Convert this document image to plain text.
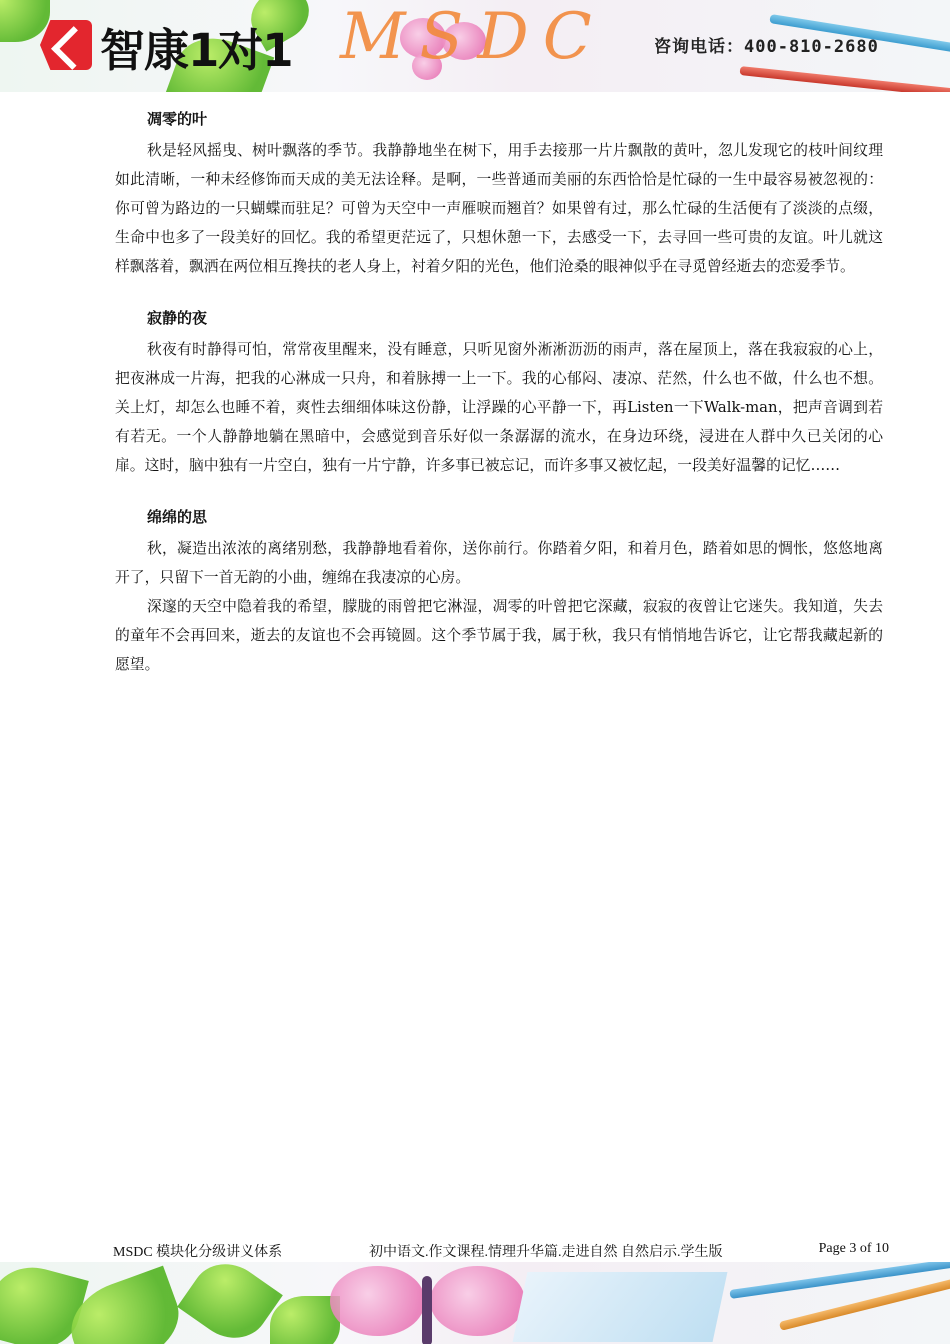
智康1对1 MSDC	咨询电话：400-810-2680
凋零的叶

秋是轻风摇曳、树叶飘落的季节。我静静地坐在树下，用手去接那一片片飘散的黄叶，忽儿发现它的枝叶间纹理如此清晰，一种未经修饰而天成的美无法诠释。是啊，一些普通而美丽的东西恰恰是忙碌的一生中最容易被忽视的：你可曾为路边的一只蝴蝶而驻足？可曾为天空中一声雁唳而翘首？如果曾有过，那么忙碌的生活便有了淡淡的点缀，生命中也多了一段美好的回忆。我的希望更茫远了，只想休憩一下，去感受一下，去寻回一些可贵的友谊。叶儿就这样飘落着，飘洒在两位相互搀扶的老人身上，衬着夕阳的光色，他们沧桑的眼神似乎在寻觅曾经逝去的恋爱季节。

寂静的夜

秋夜有时静得可怕，常常夜里醒来，没有睡意，只听见窗外淅淅沥沥的雨声，落在屋顶上，落在我寂寂的心上，把夜淋成一片海，把我的心淋成一只舟，和着脉搏一上一下。我的心郁闷、凄凉、茫然，什么也不做，什么也不想。关上灯，却怎么也睡不着，爽性去细细体味这份静，让浮躁的心平静一下，再Listen一下Walk-man，把声音调到若有若无。一个人静静地躺在黑暗中，会感觉到音乐好似一条潺潺的流水，在身边环绕，浸进在人群中久已关闭的心扉。这时，脑中独有一片空白，独有一片宁静，许多事已被忘记，而许多事又被忆起，一段美好温馨的记忆……

绵绵的思

秋，凝造出浓浓的离绪别愁，我静静地看着你，送你前行。你踏着夕阳，和着月色，踏着如思的惆怅，悠悠地离开了，只留下一首无韵的小曲，缠绵在我凄凉的心房。

深邃的天空中隐着我的希望，朦胧的雨曾把它淋湿，凋零的叶曾把它深藏，寂寂的夜曾让它迷失。我知道，失去的童年不会再回来，逝去的友谊也不会再镜圆。这个季节属于我，属于秋，我只有悄悄地告诉它，让它帮我藏起新的愿望。

MSDC 模块化分级讲义体系	初中语文.作文课程.情理升华篇.走进自然 自然启示.学生版	Page 3 of 10
